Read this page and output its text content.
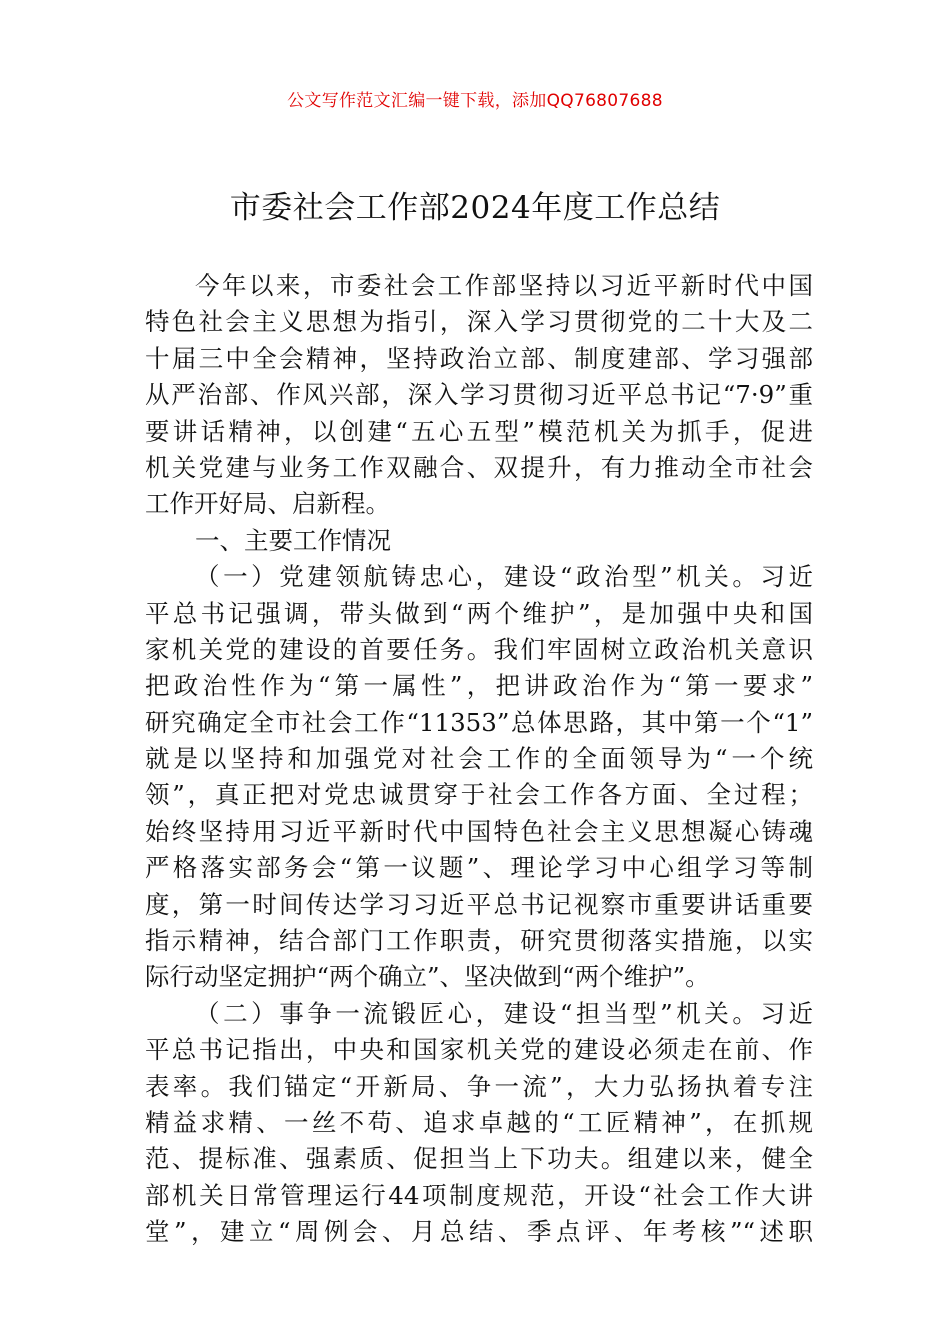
公文写作范文汇编一键下载，添加QQ76807688
市委社会工作部2024年度工作总结
今年以来，市委社会工作部坚持以习近平新时代中国
特色社会主义思想为指引，深入学习贯彻党的二十大及二
十届三中全会精神，坚持政治立部、制度建部、学习强部
从严治部、作风兴部，深入学习贯彻习近平总书记“7·9”重
要讲话精神，以创建“五心五型”模范机关为抓手，促进
机关党建与业务工作双融合、双提升，有力推动全市社会
工作开好局、启新程。
一、主要工作情况
（一）党建领航铸忠心，建设“政治型”机关。习近
平总书记强调，带头做到“两个维护”，是加强中央和国
家机关党的建设的首要任务。我们牢固树立政治机关意识
把政治性作为“第一属性”，把讲政治作为“第一要求”
研究确定全市社会工作“11353”总体思路，其中第一个“1”
就是以坚持和加强党对社会工作的全面领导为“一个统
领”，真正把对党忠诚贯穿于社会工作各方面、全过程；
始终坚持用习近平新时代中国特色社会主义思想凝心铸魂
严格落实部务会“第一议题”、理论学习中心组学习等制
度，第一时间传达学习习近平总书记视察市重要讲话重要
指示精神，结合部门工作职责，研究贯彻落实措施，以实
际行动坚定拥护“两个确立”、坚决做到“两个维护”。
（二）事争一流锻匠心，建设“担当型”机关。习近
平总书记指出，中央和国家机关党的建设必须走在前、作
表率。我们锚定“开新局、争一流”，大力弘扬执着专注
精益求精、一丝不苟、追求卓越的“工匠精神”，在抓规
范、提标准、强素质、促担当上下功夫。组建以来，健全
部机关日常管理运行44项制度规范，开设“社会工作大讲
堂”，建立“周例会、月总结、季点评、年考核”“述职
